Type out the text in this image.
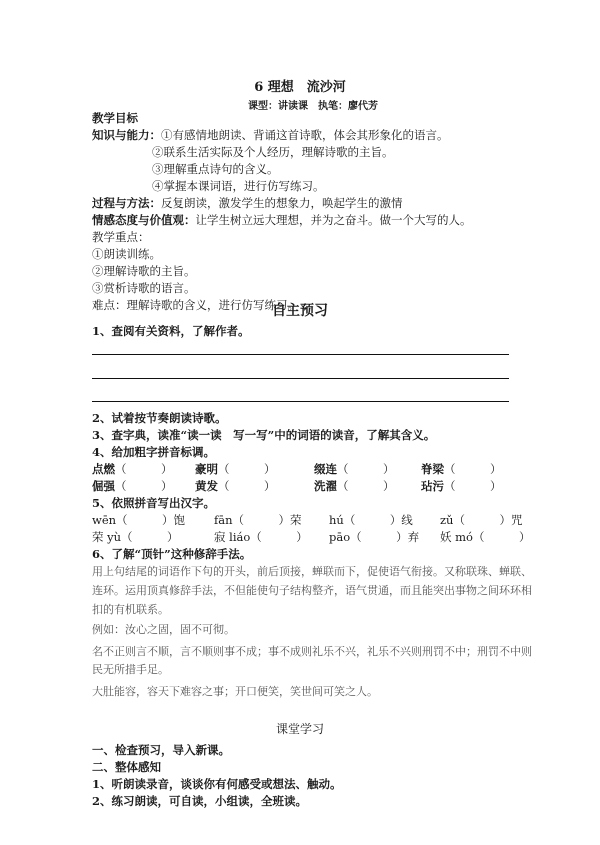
6 理想　流沙河
课型：讲读课　执笔：廖代芳
教学目标
知识与能力：①有感情地朗读、背诵这首诗歌，体会其形象化的语言。
②联系生活实际及个人经历，理解诗歌的主旨。
③理解重点诗句的含义。
④掌握本课词语，进行仿写练习。
过程与方法：反复朗读，激发学生的想象力，唤起学生的激情
情感态度与价值观：让学生树立远大理想，并为之奋斗。做一个大写的人。
教学重点：
①朗读训练。
②理解诗歌的主旨。
③赏析诗歌的语言。
难点：理解诗歌的含义，进行仿写练习。
自主预习
1、查阅有关资料，了解作者。
2、试着按节奏朗读诗歌。
3、查字典，读准“读一读　写一写”中的词语的读音，了解其含义。
4、给加粗字拼音标调。
点燃（　　　） 豪明（　　　）	缀连（　　　） 脊梁（　　　）
倔强（　　　） 黄发（　　　）	洗濯（　　　） 玷污（　　　）
5、依照拼音写出汉字。
wēn（　　　）饱	fān（　　　）荣 hú（　　　）线 zǔ（　　　）咒
荣 yù（　　　）	寂 liáo（　　　） pāo（　　　）弃 妖 mó（　　　）
6、了解“顶针”这种修辞手法。
用上句结尾的词语作下句的开头，前后顶接，蝉联而下，促使语气衔接。又称联珠、蝉联、
连环。运用顶真修辞手法，不但能使句子结构整齐，语气贯通，而且能突出事物之间环环相
扣的有机联系。
例如：汝心之固，固不可彻。
名不正则言不顺，言不顺则事不成；事不成则礼乐不兴，礼乐不兴则刑罚不中；刑罚不中则
民无所措手足。
大肚能容，容天下难容之事；开口便笑，笑世间可笑之人。
课堂学习
一、检查预习，导入新课。
二、整体感知
1、听朗读录音，谈谈你有何感受或想法、触动。
2、练习朗读，可自读，小组读，全班读。
